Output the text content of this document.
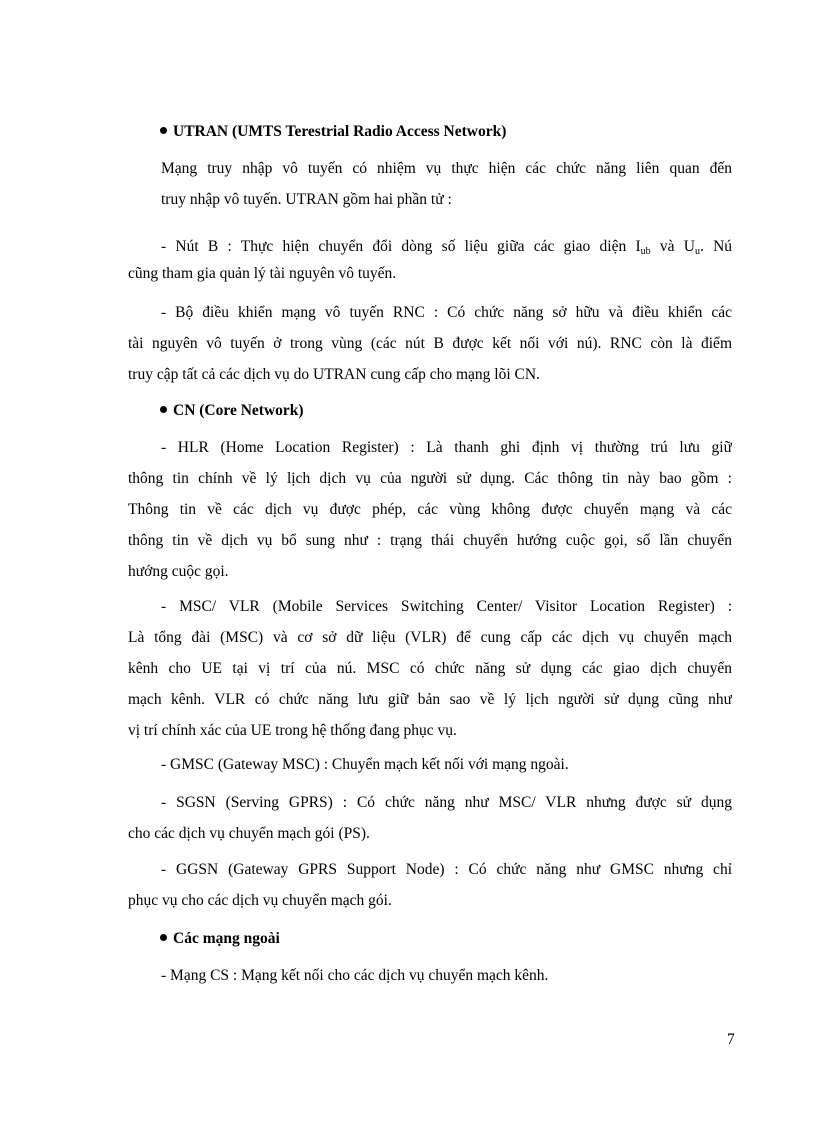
UTRAN (UMTS Terestrial Radio Access Network)
Mạng truy nhập vô tuyến có nhiệm vụ thực hiện các chức năng liên quan đến
truy nhập vô tuyến. UTRAN gồm hai phần tử :
- Nút B : Thực hiện chuyển đổi dòng số liệu giữa các giao diện $I_{ub}$ và $U_u$. Nú
cũng tham gia quản lý tài nguyên vô tuyến.
- Bộ điều khiển mạng vô tuyến RNC : Có chức năng sở hữu và điều khiển các
tài nguyên vô tuyến ở trong vùng (các nút B được kết nối với nú). RNC còn là điểm
truy cập tất cả các dịch vụ do UTRAN cung cấp cho mạng lõi CN.
CN (Core Network)
- HLR (Home Location Register) : Là thanh ghi định vị thường trú lưu giữ
thông tin chính về lý lịch dịch vụ của người sử dụng. Các thông tin này bao gồm :
Thông tin về các dịch vụ được phép, các vùng không được chuyển mạng và các
thông tin về dịch vụ bổ sung như : trạng thái chuyển hướng cuộc gọi, số lần chuyển
hướng cuộc gọi.
- MSC/ VLR (Mobile Services Switching Center/ Visitor Location Register) :
Là tổng đài (MSC) và cơ sở dữ liệu (VLR) để cung cấp các dịch vụ chuyển mạch
kênh cho UE tại vị trí của nú. MSC có chức năng sử dụng các giao dịch chuyển
mạch kênh. VLR có chức năng lưu giữ bản sao về lý lịch người sử dụng cũng như
vị trí chính xác của UE trong hệ thống đang phục vụ.
- GMSC (Gateway MSC) : Chuyển mạch kết nối với mạng ngoài.
- SGSN (Serving GPRS) : Có chức năng như MSC/ VLR nhưng được sử dụng
cho các dịch vụ chuyển mạch gói (PS).
- GGSN (Gateway GPRS Support Node) : Có chức năng như GMSC nhưng chỉ
phục vụ cho các dịch vụ chuyển mạch gói.
Các mạng ngoài
- Mạng CS : Mạng kết nối cho các dịch vụ chuyển mạch kênh.
7
